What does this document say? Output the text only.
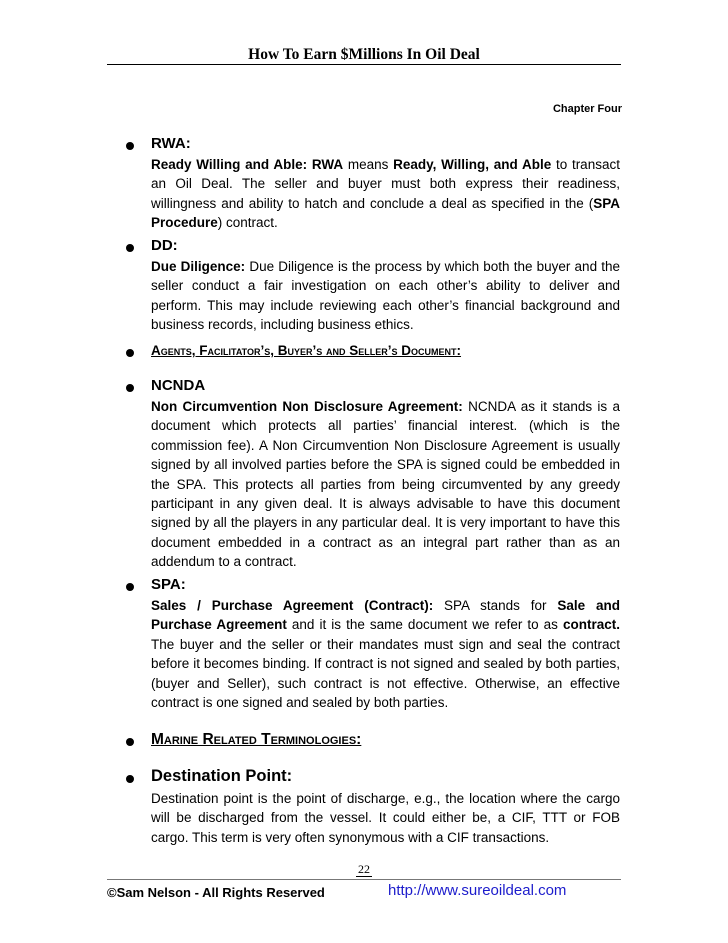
How To Earn $Millions In Oil Deal
Chapter Four
RWA:
Ready Willing and Able: RWA means Ready, Willing, and Able to transact an Oil Deal. The seller and buyer must both express their readiness, willingness and ability to hatch and conclude a deal as specified in the (SPA Procedure) contract.
DD:
Due Diligence: Due Diligence is the process by which both the buyer and the seller conduct a fair investigation on each other’s ability to deliver and perform. This may include reviewing each other’s financial background and business records, including business ethics.
Agents, Facilitator’s, Buyer’s and Seller’s Document:
NCNDA
Non Circumvention Non Disclosure Agreement: NCNDA as it stands is a document which protects all parties’ financial interest. (which is the commission fee). A Non Circumvention Non Disclosure Agreement is usually signed by all involved parties before the SPA is signed could be embedded in the SPA. This protects all parties from being circumvented by any greedy participant in any given deal. It is always advisable to have this document signed by all the players in any particular deal. It is very important to have this document embedded in a contract as an integral part rather than as an addendum to a contract.
SPA:
Sales / Purchase Agreement (Contract): SPA stands for Sale and Purchase Agreement and it is the same document we refer to as contract. The buyer and the seller or their mandates must sign and seal the contract before it becomes binding. If contract is not signed and sealed by both parties, (buyer and Seller), such contract is not effective. Otherwise, an effective contract is one signed and sealed by both parties.
Marine Related Terminologies:
Destination Point:
Destination point is the point of discharge, e.g., the location where the cargo will be discharged from the vessel. It could either be, a CIF, TTT or FOB cargo. This term is very often synonymous with a CIF transactions.
22
©Sam Nelson - All Rights Reserved	http://www.sureoildeal.com
